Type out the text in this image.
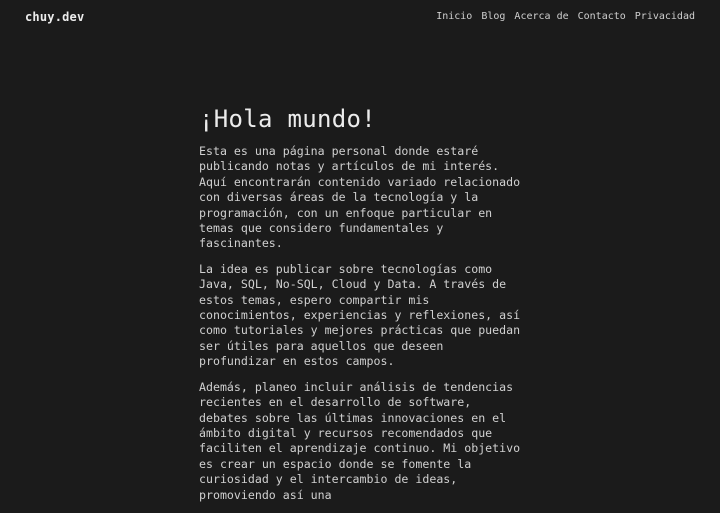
chuy.dev	Inicio Blog Acerca de Contacto Privacidad
¡Hola mundo!

Esta es una página personal donde estaré publicando notas y artículos de mi interés. Aquí encontrarán contenido variado relacionado con diversas áreas de la tecnología y la programación, con un enfoque particular en temas que considero fundamentales y fascinantes.

La idea es publicar sobre tecnologías como Java, SQL, No-SQL, Cloud y Data. A través de estos temas, espero compartir mis conocimientos, experiencias y reflexiones, así como tutoriales y mejores prácticas que puedan ser útiles para aquellos que deseen profundizar en estos campos.

Además, planeo incluir análisis de tendencias recientes en el desarrollo de software, debates sobre las últimas innovaciones en el ámbito digital y recursos recomendados que faciliten el aprendizaje continuo. Mi objetivo es crear un espacio donde se fomente la curiosidad y el intercambio de ideas, promoviendo así una
